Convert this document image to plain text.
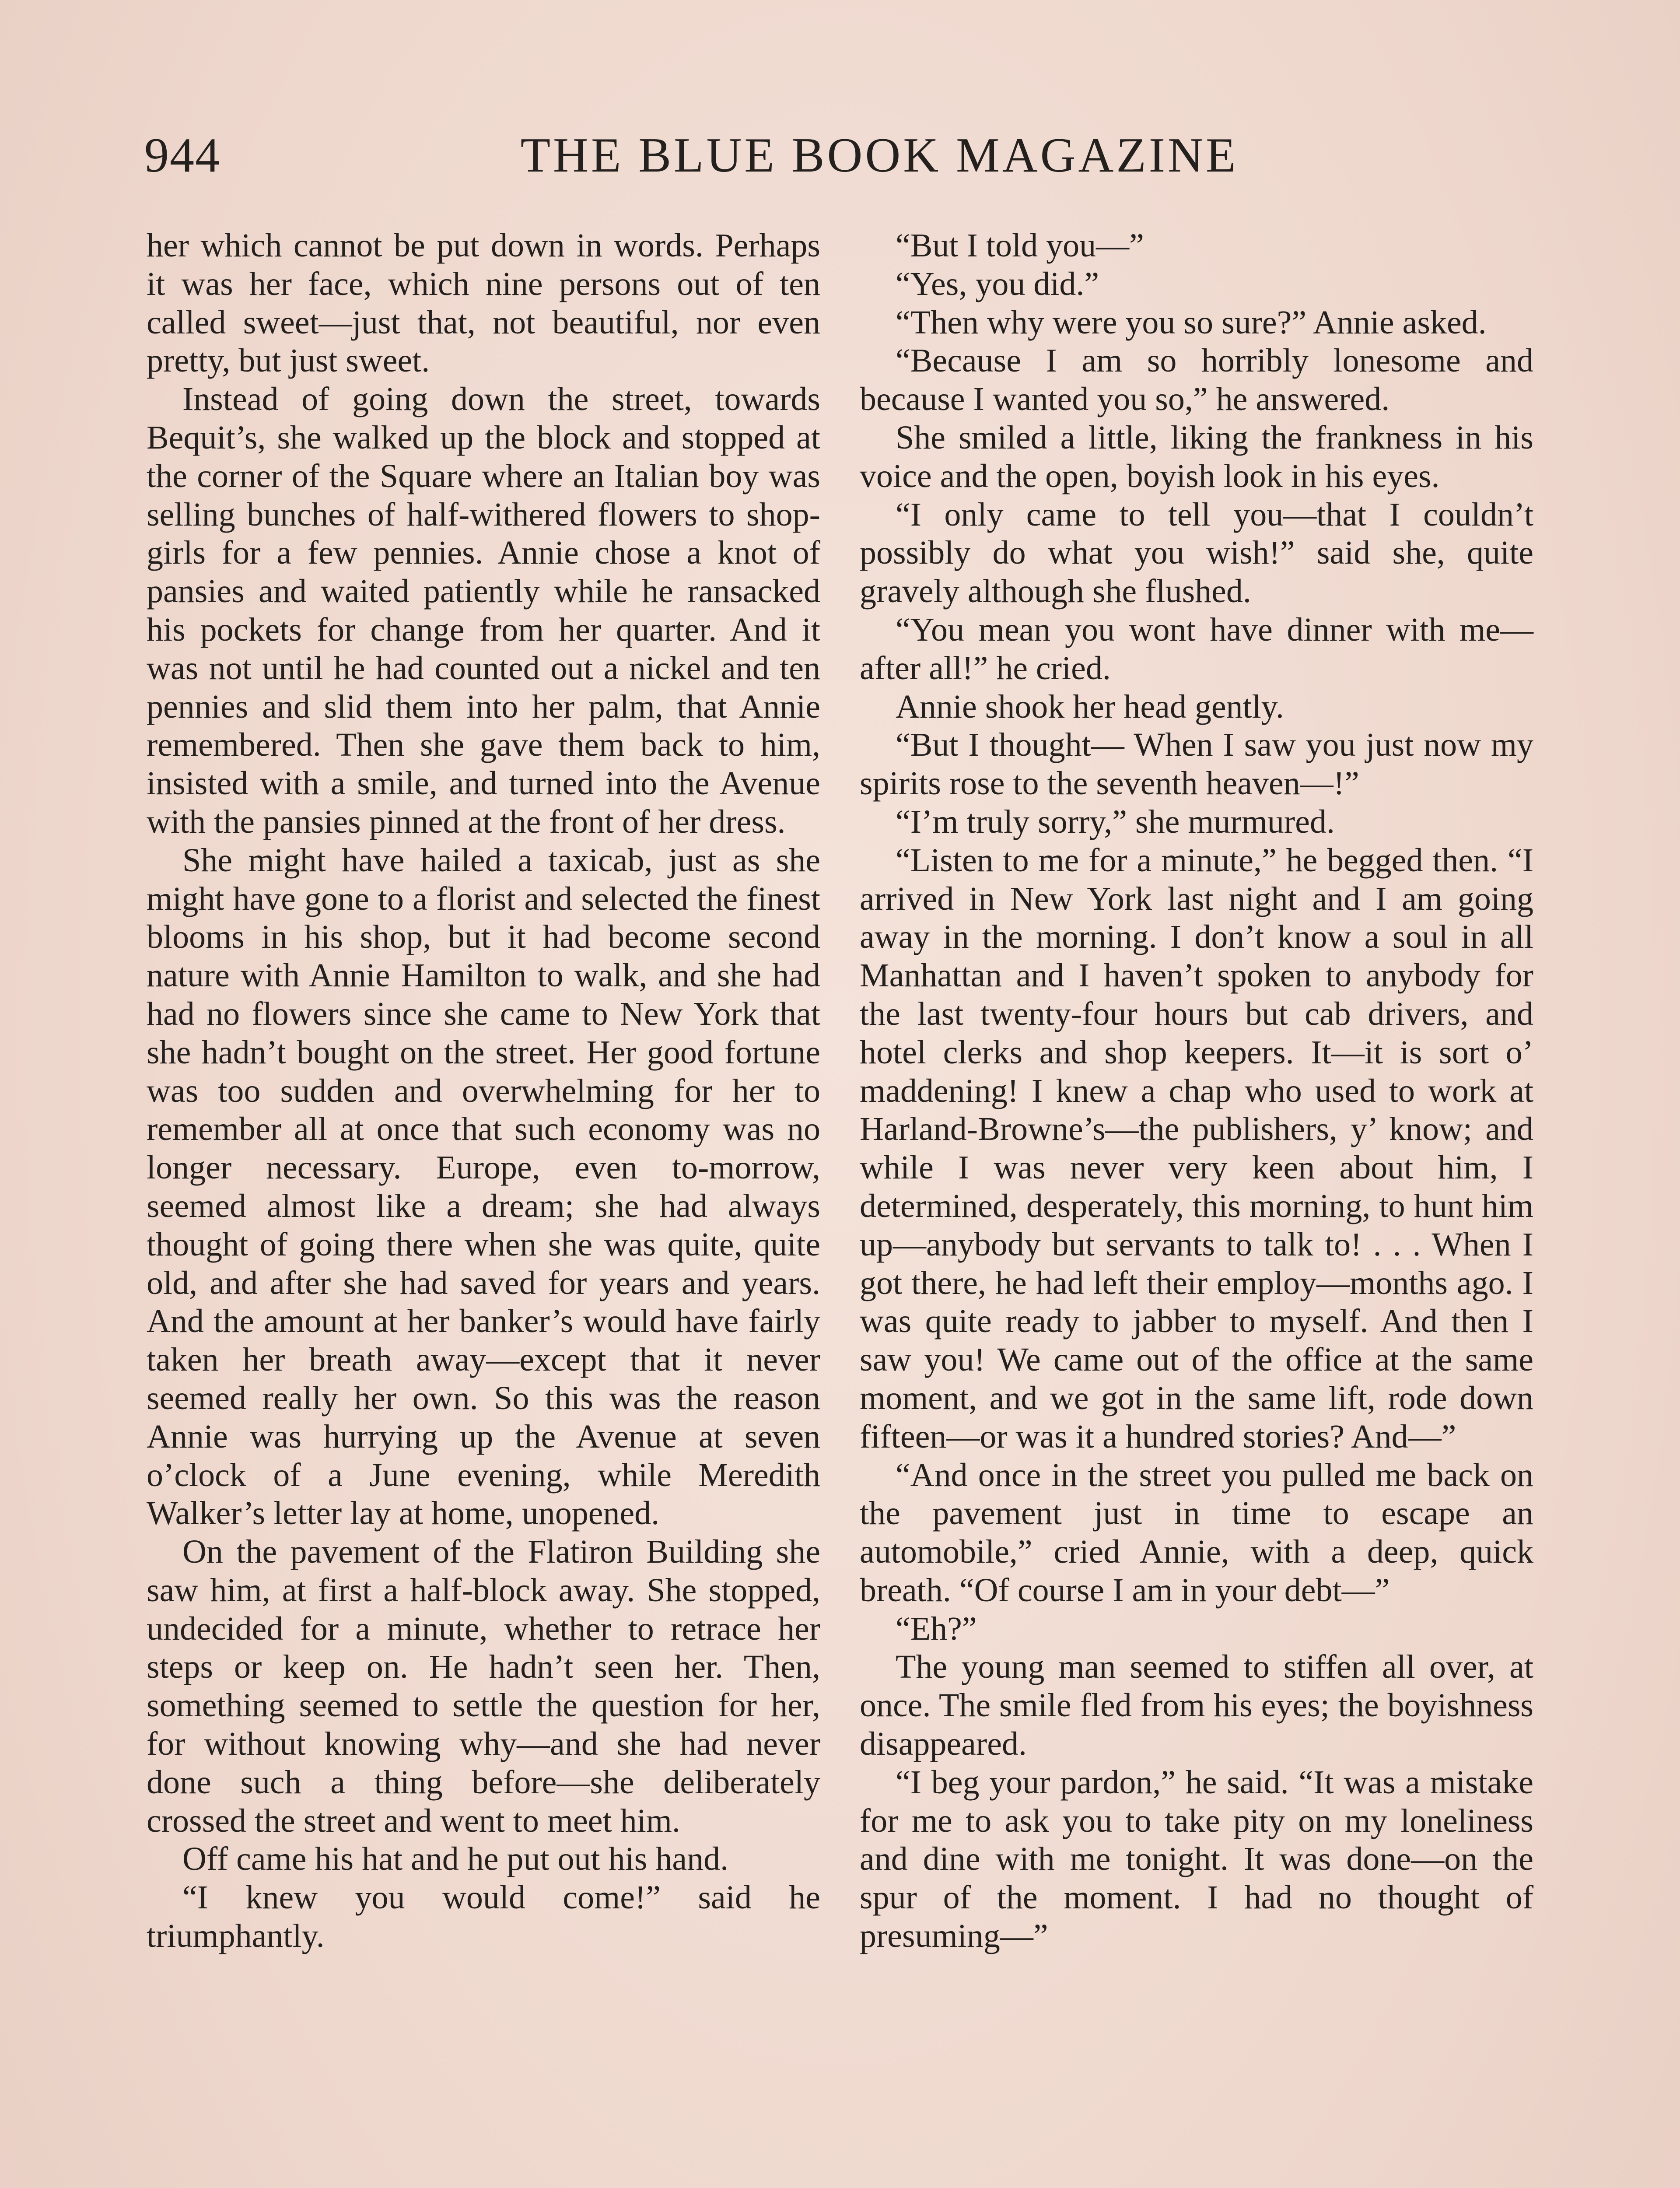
944	THE BLUE BOOK MAGAZINE

her which cannot be put down in words. Perhaps it was her face, which nine persons out of ten called sweet—just that, not beautiful, nor even pretty, but just sweet.

Instead of going down the street, towards Bequit’s, she walked up the block and stopped at the corner of the Square where an Italian boy was selling bunches of half-withered flowers to shop-girls for a few pennies. Annie chose a knot of pansies and waited patiently while he ransacked his pockets for change from her quarter. And it was not until he had counted out a nickel and ten pennies and slid them into her palm, that Annie remembered. Then she gave them back to him, insisted with a smile, and turned into the Avenue with the pansies pinned at the front of her dress.

She might have hailed a taxicab, just as she might have gone to a florist and selected the finest blooms in his shop, but it had become second nature with Annie Hamilton to walk, and she had had no flowers since she came to New York that she hadn’t bought on the street. Her good fortune was too sudden and overwhelming for her to remember all at once that such economy was no longer necessary. Europe, even to-morrow, seemed almost like a dream; she had always thought of going there when she was quite, quite old, and after she had saved for years and years. And the amount at her banker’s would have fairly taken her breath away—except that it never seemed really her own. So this was the reason Annie was hurrying up the Avenue at seven o’clock of a June evening, while Meredith Walker’s letter lay at home, unopened.

On the pavement of the Flatiron Building she saw him, at first a half-block away. She stopped, undecided for a minute, whether to retrace her steps or keep on. He hadn’t seen her. Then, something seemed to settle the question for her, for without knowing why—and she had never done such a thing before—she deliberately crossed the street and went to meet him.

Off came his hat and he put out his hand.

“I knew you would come!” said he triumphantly.

“But I told you—”

“Yes, you did.”

“Then why were you so sure?” Annie asked.

“Because I am so horribly lonesome and because I wanted you so,” he answered.

She smiled a little, liking the frankness in his voice and the open, boyish look in his eyes.

“I only came to tell you—that I couldn’t possibly do what you wish!” said she, quite gravely although she flushed.

“You mean you wont have dinner with me—after all!” he cried.

Annie shook her head gently.

“But I thought— When I saw you just now my spirits rose to the seventh heaven—!”

“I’m truly sorry,” she murmured.

“Listen to me for a minute,” he begged then. “I arrived in New York last night and I am going away in the morning. I don’t know a soul in all Manhattan and I haven’t spoken to anybody for the last twenty-four hours but cab drivers, and hotel clerks and shop keepers. It—it is sort o’ maddening! I knew a chap who used to work at Harland-Browne’s—the publishers, y’ know; and while I was never very keen about him, I determined, desperately, this morning, to hunt him up—anybody but servants to talk to! . . . When I got there, he had left their employ—months ago. I was quite ready to jabber to myself. And then I saw you! We came out of the office at the same moment, and we got in the same lift, rode down fifteen—or was it a hundred stories? And—”

“And once in the street you pulled me back on the pavement just in time to escape an automobile,” cried Annie, with a deep, quick breath. “Of course I am in your debt—”

“Eh?”

The young man seemed to stiffen all over, at once. The smile fled from his eyes; the boyishness disappeared.

“I beg your pardon,” he said. “It was a mistake for me to ask you to take pity on my loneliness and dine with me tonight. It was done—on the spur of the moment. I had no thought of presuming—”
